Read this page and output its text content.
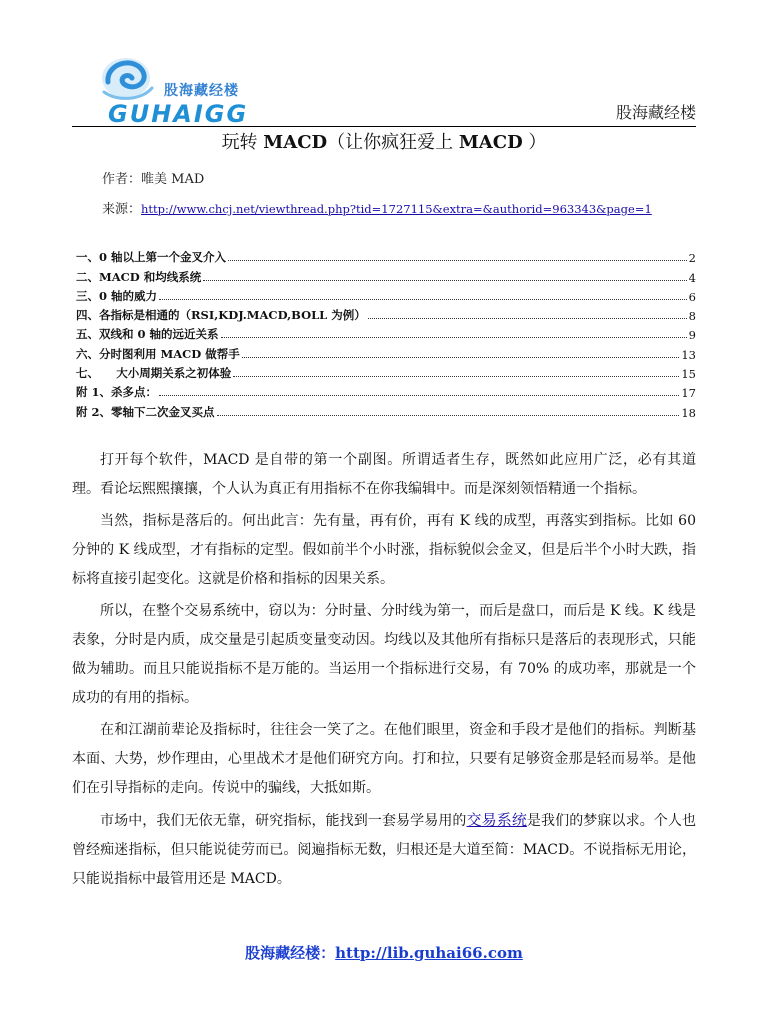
股海藏经楼
GUHAIGG	股海藏经楼
玩转 MACD（让你疯狂爱上 MACD ）
作者：唯美 MAD
来源：http://www.chcj.net/viewthread.php?tid=1727115&extra=&authorid=963343&page=1
一、0 轴以上第一个金叉介入	2
二、MACD 和均线系统	4
三、0 轴的威力	6
四、各指标是相通的（RSI,KDJ.MACD,BOLL 为例）	8
五、双线和 0 轴的远近关系	9
六、分时图利用 MACD 做帮手	13
七、　　大小周期关系之初体验	15
附 1、杀多点：	17
附 2、零轴下二次金叉买点	18

打开每个软件，MACD 是自带的第一个副图。所谓适者生存，既然如此应用广泛，必有其道理。看论坛熙熙攘攘，个人认为真正有用指标不在你我编辑中。而是深刻领悟精通一个指标。

当然，指标是落后的。何出此言：先有量，再有价，再有 K 线的成型，再落实到指标。比如 60 分钟的 K 线成型，才有指标的定型。假如前半个小时涨，指标貌似会金叉，但是后半个小时大跌，指标将直接引起变化。这就是价格和指标的因果关系。

所以，在整个交易系统中，窃以为：分时量、分时线为第一，而后是盘口，而后是 K 线。K 线是表象，分时是内质，成交量是引起质变量变动因。均线以及其他所有指标只是落后的表现形式，只能做为辅助。而且只能说指标不是万能的。当运用一个指标进行交易，有 70% 的成功率，那就是一个成功的有用的指标。

在和江湖前辈论及指标时，往往会一笑了之。在他们眼里，资金和手段才是他们的指标。判断基本面、大势，炒作理由，心里战术才是他们研究方向。打和拉，只要有足够资金那是轻而易举。是他们在引导指标的走向。传说中的骗线，大抵如斯。

市场中，我们无依无靠，研究指标，能找到一套易学易用的交易系统是我们的梦寐以求。个人也曾经痴迷指标，但只能说徒劳而已。阅遍指标无数，归根还是大道至简：MACD。不说指标无用论，只能说指标中最管用还是 MACD。

股海藏经楼：http://lib.guhai66.com
